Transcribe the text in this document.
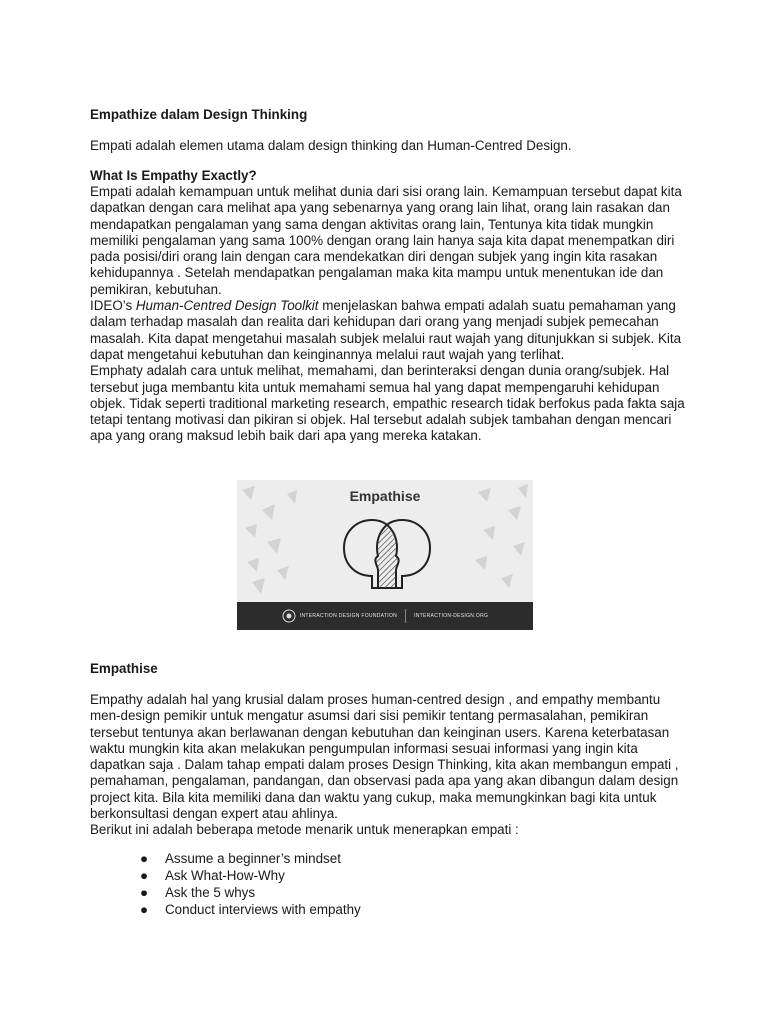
Empathize dalam Design Thinking

Empati adalah elemen utama dalam design thinking dan Human-Centred Design.

What Is Empathy Exactly?

Empati adalah kemampuan untuk melihat dunia dari sisi orang lain. Kemampuan tersebut dapat kita dapatkan dengan cara melihat apa yang sebenarnya yang orang lain lihat, orang lain rasakan dan mendapatkan pengalaman yang sama dengan aktivitas orang lain, Tentunya kita tidak mungkin memiliki pengalaman yang sama 100% dengan orang lain hanya saja kita dapat menempatkan diri pada posisi/diri orang lain dengan cara mendekatkan diri dengan subjek yang ingin kita rasakan kehidupannya . Setelah mendapatkan pengalaman maka kita mampu untuk menentukan ide dan pemikiran, kebutuhan.

IDEO’s Human-Centred Design Toolkit menjelaskan bahwa empati adalah suatu pemahaman yang dalam terhadap masalah dan realita dari kehidupan dari orang yang menjadi subjek pemecahan masalah. Kita dapat mengetahui masalah subjek melalui raut wajah yang ditunjukkan si subjek. Kita dapat mengetahui kebutuhan dan keinginannya melalui raut wajah yang terlihat.

Emphaty adalah cara untuk melihat, memahami, dan berinteraksi dengan dunia orang/subjek. Hal tersebut juga membantu kita untuk memahami semua hal yang dapat mempengaruhi kehidupan objek. Tidak seperti traditional marketing research, empathic research tidak berfokus pada fakta saja tetapi tentang motivasi dan pikiran si objek. Hal tersebut adalah subjek tambahan dengan mencari apa yang orang maksud lebih baik dari apa yang mereka katakan.

Empathise
INTERACTION DESIGN FOUNDATION	INTERACTION-DESIGN.ORG
Empathise

Empathy adalah hal yang krusial dalam proses human-centred design , and empathy membantu men-design pemikir untuk mengatur asumsi dari sisi pemikir tentang permasalahan, pemikiran tersebut tentunya akan berlawanan dengan kebutuhan dan keinginan users. Karena keterbatasan waktu mungkin kita akan melakukan pengumpulan informasi sesuai informasi yang ingin kita dapatkan saja . Dalam tahap empati dalam proses Design Thinking, kita akan membangun empati , pemahaman, pengalaman, pandangan, dan observasi pada apa yang akan dibangun dalam design project kita. Bila kita memiliki dana dan waktu yang cukup, maka memungkinkan bagi kita untuk berkonsultasi dengan expert atau ahlinya.

Berikut ini adalah beberapa metode menarik untuk menerapkan empati :

● Assume a beginner’s mindset
● Ask What-How-Why
● Ask the 5 whys
● Conduct interviews with empathy
